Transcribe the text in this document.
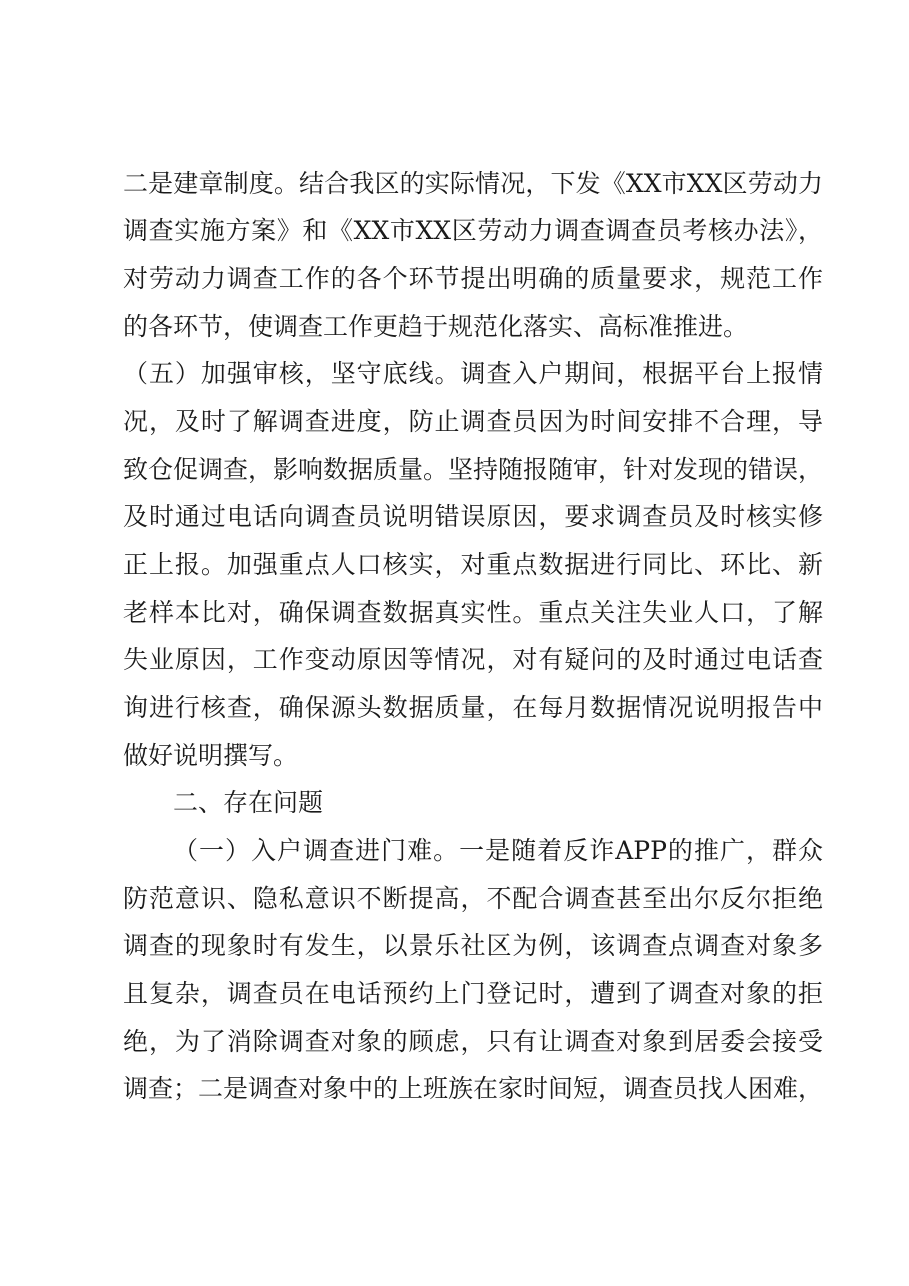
二是建章制度。结合我区的实际情况，下发《XX市XX区劳动力
调查实施方案》和《XX市XX区劳动力调查调查员考核办法》，
对劳动力调查工作的各个环节提出明确的质量要求，规范工作
的各环节，使调查工作更趋于规范化落实、高标准推进。
（五）加强审核，坚守底线。调查入户期间，根据平台上报情
况，及时了解调查进度，防止调查员因为时间安排不合理，导
致仓促调查，影响数据质量。坚持随报随审，针对发现的错误，
及时通过电话向调查员说明错误原因，要求调查员及时核实修
正上报。加强重点人口核实，对重点数据进行同比、环比、新
老样本比对，确保调查数据真实性。重点关注失业人口，了解
失业原因，工作变动原因等情况，对有疑问的及时通过电话查
询进行核查，确保源头数据质量，在每月数据情况说明报告中
做好说明撰写。
二、存在问题
（一）入户调查进门难。一是随着反诈APP的推广，群众
防范意识、隐私意识不断提高，不配合调查甚至出尔反尔拒绝
调查的现象时有发生，以景乐社区为例，该调查点调查对象多
且复杂，调查员在电话预约上门登记时，遭到了调查对象的拒
绝，为了消除调查对象的顾虑，只有让调查对象到居委会接受
调查；二是调查对象中的上班族在家时间短，调查员找人困难，
